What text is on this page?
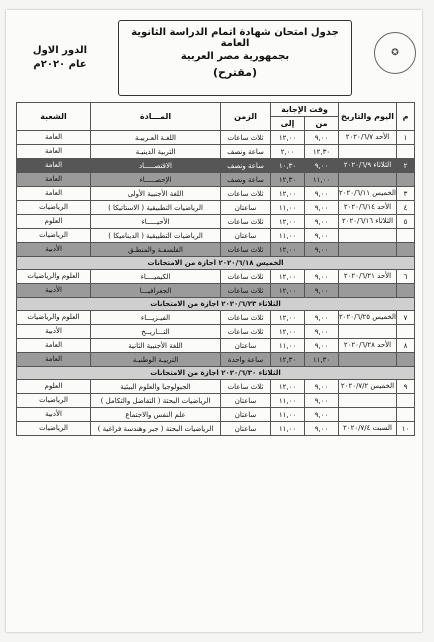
✪
جدول امتحان شهادة اتمام الدراسة الثانوية العامة
بجمهورية مصر العربية
(مقترح)
الدور الاول
عام ٢٠٢٠م
م	اليوم والتاريخ	وقت الإجابة		الزمن	المـــادة	الشعبة
		من	إلى			
١	الأحد ٢٠٢٠/٦/٧	٩,٠٠	١٢,٠٠	ثلاث ساعات	اللغـة العـربيـة	العامة
		١٢,٣٠	٢,٠٠	ساعة ونصف	التربية الدينيـة	العامة
٢	الثلاثاء ٢٠٢٠/٦/٩	٩,٠٠	١٠,٣٠	ساعة ونصف	الاقتصـــــاد	العامة
		١١,٠٠	١٢,٣٠	ساعة ونصف	الإحصـــــاء	العامة
٣	الخميس ٢٠٢٠/٦/١١	٩,٠٠	١٢,٠٠	ثلاث ساعات	اللغة الأجنبية الأولى	العامة
٤	الأحد ٢٠٢٠/٦/١٤	٩,٠٠	١١,٠٠	ساعتان	الرياضيات التطبيقية ( الاستاتيكا )	الرياضيات
٥	الثلاثاء ٢٠٢٠/٦/١٦	٩,٠٠	١٢,٠٠	ثلاث ساعات	الأحيـــــاء	العلوم
		٩,٠٠	١١,٠٠	ساعتان	الرياضيات التطبيقية ( الديناميكا )	الرياضيات
		٩,٠٠	١٢,٠٠	ثلاث ساعات	الفلسفـة والمنطـق	الأدبية
الخميس ٢٠٢٠/٦/١٨ اجازة من الامتحانات						
٦	الأحد ٢٠٢٠/٦/٢١	٩,٠٠	١٢,٠٠	ثلاث ساعات	الكيميــــاء	العلوم والرياضيات
		٩,٠٠	١٢,٠٠	ثلاث ساعات	الجغرافيـــا	الأدبية
الثلاثاء ٢٠٢٠/٦/٢٣ اجازة من الامتحانات						
٧	الخميس ٢٠٢٠/٦/٢٥	٩,٠٠	١٢,٠٠	ثلاث ساعات	الفيـزيـــاء	العلوم والرياضيات
		٩,٠٠	١٢,٠٠	ثلاث ساعات	التـــاريــخ	الأدبية
٨	الأحد ٢٠٢٠/٦/٢٨	٩,٠٠	١١,٠٠	ساعتان	اللغة الأجنبية الثانية	العامة
		١١,٣٠	١٢,٣٠	ساعة واحدة	التربيـة الوطنيـة	العامة
الثلاثاء ٢٠٢٠/٦/٣٠ اجازة من الامتحانات						
٩	الخميس ٢٠٢٠/٧/٢	٩,٠٠	١٢,٠٠	ثلاث ساعات	الجيولوجيا والعلوم البيئية	العلوم
		٩,٠٠	١١,٠٠	ساعتان	الرياضيات البحتة ( التفاضل والتكامل )	الرياضيات
		٩,٠٠	١١,٠٠	ساعتان	علم النفس والاجتماع	الأدبية
١٠	السبت ٢٠٢٠/٧/٤	٩,٠٠	١١,٠٠	ساعتان	الرياضيات البحتة ( جبر وهندسة فراغية )	الرياضيات
